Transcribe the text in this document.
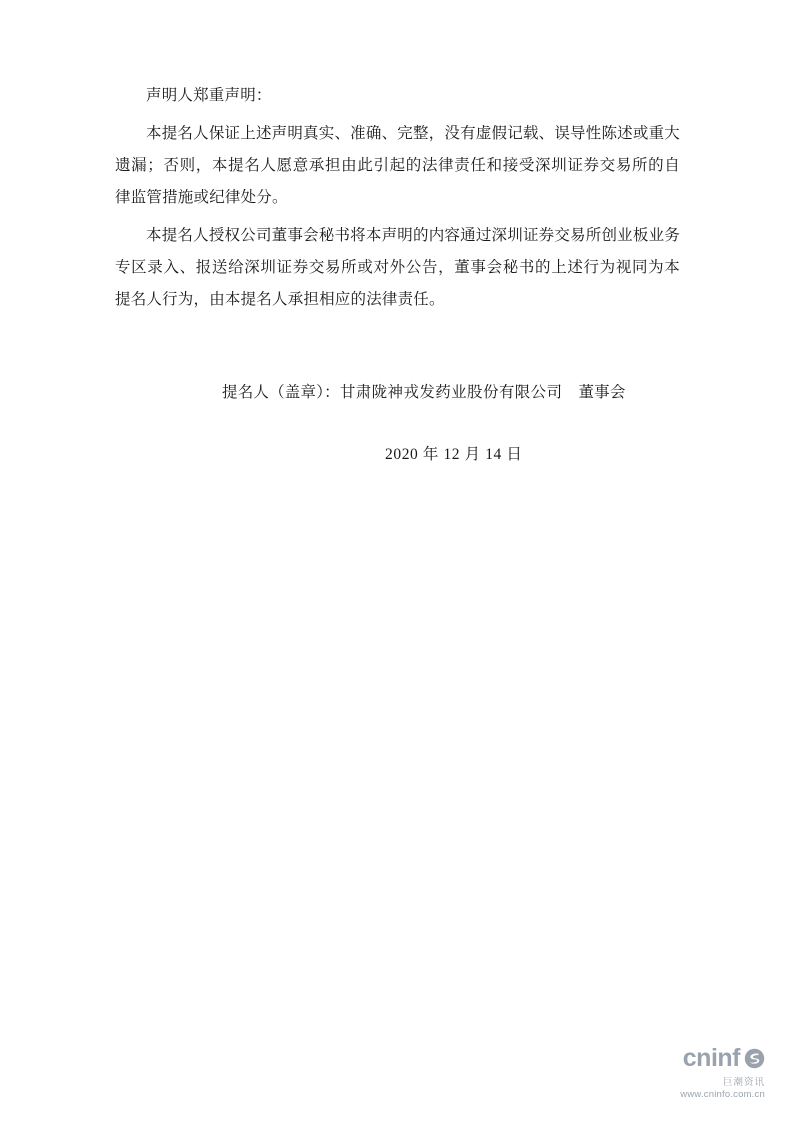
声明人郑重声明：

本提名人保证上述声明真实、准确、完整，没有虚假记载、误导性陈述或重大遗漏；否则，本提名人愿意承担由此引起的法律责任和接受深圳证券交易所的自律监管措施或纪律处分。

本提名人授权公司董事会秘书将本声明的内容通过深圳证券交易所创业板业务专区录入、报送给深圳证券交易所或对外公告，董事会秘书的上述行为视同为本提名人行为，由本提名人承担相应的法律责任。

提名人（盖章）：甘肃陇神戎发药业股份有限公司 董事会
2020 年 12 月 14 日
cninf
巨潮资讯
www.cninfo.com.cn
